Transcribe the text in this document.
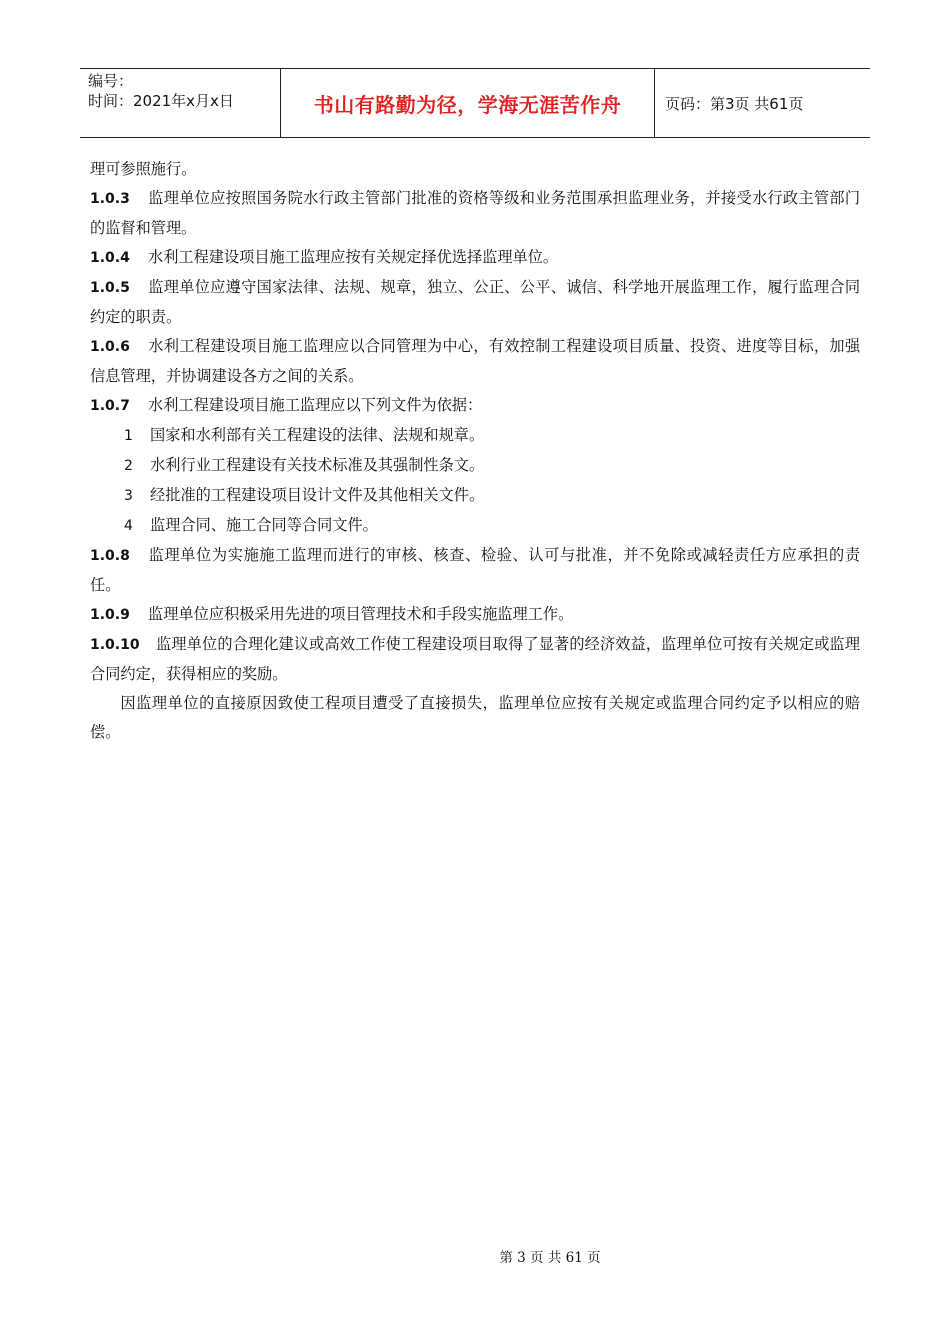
编号：
时间：2021年x月x日	书山有路勤为径，学海无涯苦作舟	页码：第3页 共61页

理可参照施行。

1.0.3 监理单位应按照国务院水行政主管部门批准的资格等级和业务范围承担监理业务，并接受水行政主管部门的监督和管理。

1.0.4 水利工程建设项目施工监理应按有关规定择优选择监理单位。

1.0.5 监理单位应遵守国家法律、法规、规章，独立、公正、公平、诚信、科学地开展监理工作，履行监理合同约定的职责。

1.0.6 水利工程建设项目施工监理应以合同管理为中心，有效控制工程建设项目质量、投资、进度等目标，加强信息管理，并协调建设各方之间的关系。

1.0.7 水利工程建设项目施工监理应以下列文件为依据：

1 国家和水利部有关工程建设的法律、法规和规章。

2 水利行业工程建设有关技术标准及其强制性条文。

3 经批准的工程建设项目设计文件及其他相关文件。

4 监理合同、施工合同等合同文件。

1.0.8 监理单位为实施施工监理而进行的审核、核查、检验、认可与批准，并不免除或减轻责任方应承担的责任。

1.0.9 监理单位应积极采用先进的项目管理技术和手段实施监理工作。

1.0.10 监理单位的合理化建议或高效工作使工程建设项目取得了显著的经济效益，监理单位可按有关规定或监理合同约定，获得相应的奖励。

因监理单位的直接原因致使工程项目遭受了直接损失，监理单位应按有关规定或监理合同约定予以相应的赔偿。

第 3 页 共 61 页
